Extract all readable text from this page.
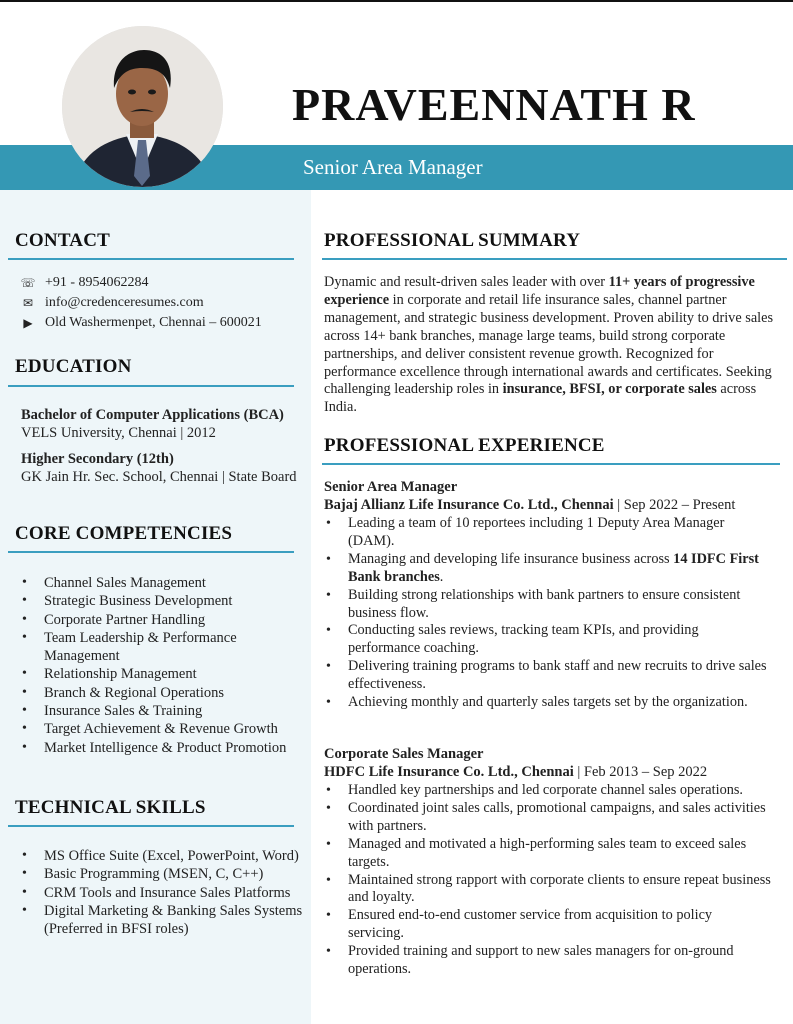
Senior Area Manager
PRAVEENNATH R
CONTACT
☏ +91 - 8954062284
✉ info@credenceresumes.com
▶ Old Washermenpet, Chennai – 600021
EDUCATION
Bachelor of Computer Applications (BCA)
VELS University, Chennai | 2012
Higher Secondary (12th)
GK Jain Hr. Sec. School, Chennai | State Board
CORE COMPETENCIES
• Channel Sales Management
• Strategic Business Development
• Corporate Partner Handling
• Team Leadership & Performance Management
• Relationship Management
• Branch & Regional Operations
• Insurance Sales & Training
• Target Achievement & Revenue Growth
• Market Intelligence & Product Promotion
TECHNICAL SKILLS
• MS Office Suite (Excel, PowerPoint, Word)
• Basic Programming (MSEN, C, C++)
• CRM Tools and Insurance Sales Platforms
• Digital Marketing & Banking Sales Systems (Preferred in BFSI roles)
PROFESSIONAL SUMMARY
Dynamic and result-driven sales leader with over 11+ years of progressive experience in corporate and retail life insurance sales, channel partner management, and strategic business development. Proven ability to drive sales across 14+ bank branches, manage large teams, build strong corporate partnerships, and deliver consistent revenue growth. Recognized for performance excellence through international awards and certificates. Seeking challenging leadership roles in insurance, BFSI, or corporate sales across India.
PROFESSIONAL EXPERIENCE
Senior Area Manager
Bajaj Allianz Life Insurance Co. Ltd., Chennai | Sep 2022 – Present
• Leading a team of 10 reportees including 1 Deputy Area Manager (DAM).
• Managing and developing life insurance business across 14 IDFC First Bank branches.
• Building strong relationships with bank partners to ensure consistent business flow.
• Conducting sales reviews, tracking team KPIs, and providing performance coaching.
• Delivering training programs to bank staff and new recruits to drive sales effectiveness.
• Achieving monthly and quarterly sales targets set by the organization.
Corporate Sales Manager
HDFC Life Insurance Co. Ltd., Chennai | Feb 2013 – Sep 2022
• Handled key partnerships and led corporate channel sales operations.
• Coordinated joint sales calls, promotional campaigns, and sales activities with partners.
• Managed and motivated a high-performing sales team to exceed sales targets.
• Maintained strong rapport with corporate clients to ensure repeat business and loyalty.
• Ensured end-to-end customer service from acquisition to policy servicing.
• Provided training and support to new sales managers for on-ground operations.
